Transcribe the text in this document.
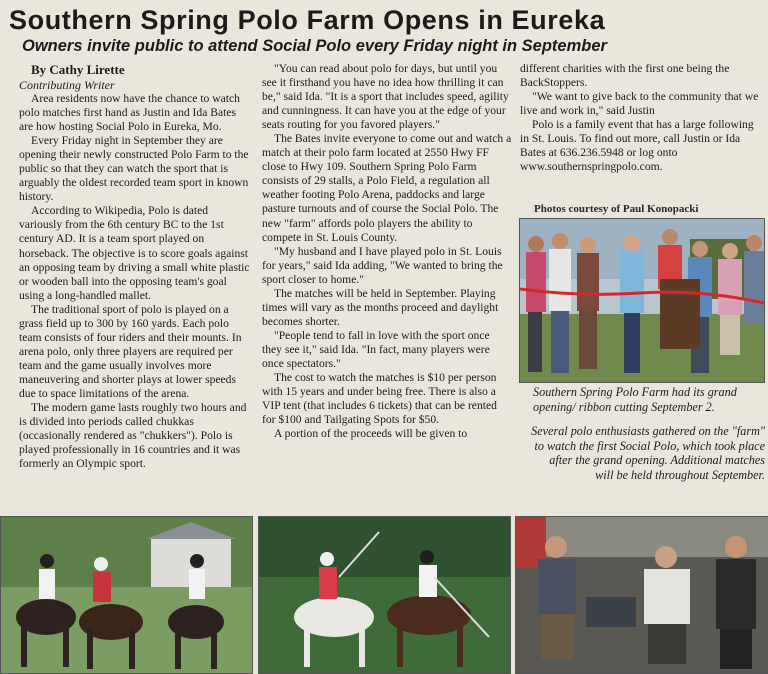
Southern Spring Polo Farm Opens in Eureka
Owners invite public to attend Social Polo every Friday night in September

By Cathy Lirette

Contributing Writer

Area residents now have the chance to watch polo matches first hand as Justin and Ida Bates are how hosting Social Polo in Eureka, Mo.

Every Friday night in September they are opening their newly constructed Polo Farm to the public so that they can watch the sport that is arguably the oldest recorded team sport in known history.

According to Wikipedia, Polo is dated variously from the 6th century BC to the 1st century AD. It is a team sport played on horseback. The objective is to score goals against an opposing team by driving a small white plastic or wooden ball into the opposing team's goal using a long-handled mallet.

The traditional sport of polo is played on a grass field up to 300 by 160 yards. Each polo team consists of four riders and their mounts. In arena polo, only three players are required per team and the game usually involves more maneuvering and shorter plays at lower speeds due to space limitations of the arena.

The modern game lasts roughly two hours and is divided into periods called chukkas (occasionally rendered as "chukkers"). Polo is played professionally in 16 countries and it was formerly an Olympic sport.

"You can read about polo for days, but until you see it firsthand you have no idea how thrilling it can be," said Ida. "It is a sport that includes speed, agility and cunningness. It can have you at the edge of your seats routing for you favored players."

The Bates invite everyone to come out and watch a match at their polo farm located at 2550 Hwy FF close to Hwy 109. Southern Spring Polo Farm consists of 29 stalls, a Polo Field, a regulation all weather footing Polo Arena, paddocks and large pasture turnouts and of course the Social Polo. The new "farm" affords polo players the ability to compete in St. Louis County.

"My husband and I have played polo in St. Louis for years," said Ida adding, "We wanted to bring the sport closer to home."

The matches will be held in September. Playing times will vary as the months proceed and daylight becomes shorter.

"People tend to fall in love with the sport once they see it," said Ida. "In fact, many players were once spectators."

The cost to watch the matches is $10 per person with 15 years and under being free. There is also a VIP tent (that includes 6 tickets) that can be rented for $100 and Tailgating Spots for $50.

A portion of the proceeds will be given to

different charities with the first one being the BackStoppers.

"We want to give back to the community that we live and work in," said Justin

Polo is a family event that has a large following in St. Louis. To find out more, call Justin or Ida Bates at 636.236.5948 or log onto www.southernspringpolo.com.

Photos courtesy of Paul Konopacki
Southern Spring Polo Farm had its grand opening/ ribbon cutting September 2.
Several polo enthusiasts gathered on the "farm" to watch the first Social Polo, which took place after the grand opening. Additional matches will be held throughout September.
